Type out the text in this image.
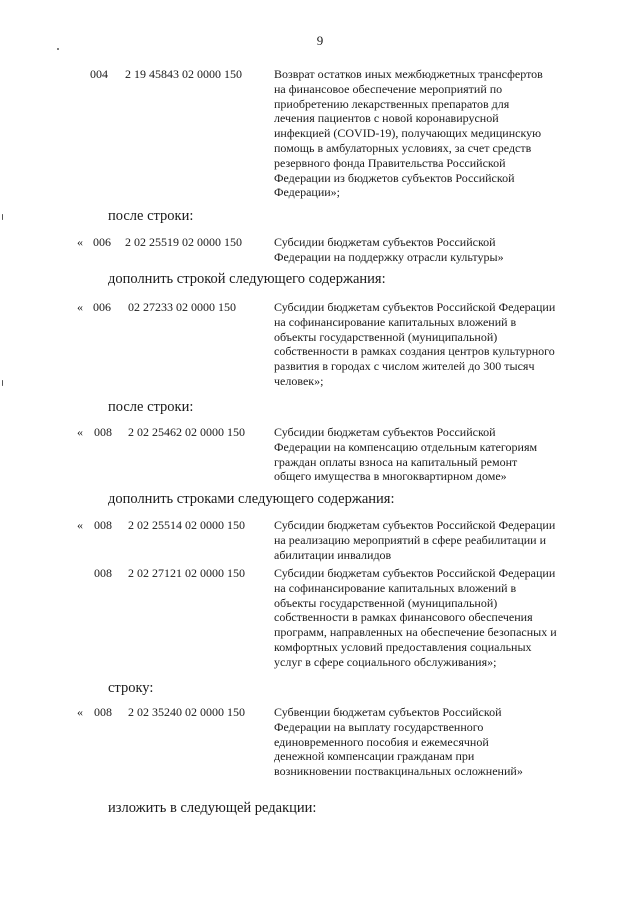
9
004 2 19 45843 02 0000 150	Возврат остатков иных межбюджетных трансфертов
на финансовое обеспечение мероприятий по
приобретению лекарственных препаратов для
лечения пациентов с новой коронавирусной
инфекцией (COVID-19), получающих медицинскую
помощь в амбулаторных условиях, за счет средств
резервного фонда Правительства Российской
Федерации из бюджетов субъектов Российской
Федерации»;
после строки:
« 006 2 02 25519 02 0000 150	Субсидии бюджетам субъектов Российской
Федерации на поддержку отрасли культуры»
дополнить строкой следующего содержания:
« 006 02 27233 02 0000 150	Субсидии бюджетам субъектов Российской Федерации
на софинансирование капитальных вложений в
объекты государственной (муниципальной)
собственности в рамках создания центров культурного
развития в городах с числом жителей до 300 тысяч
человек»;
после строки:
« 008 2 02 25462 02 0000 150 Субсидии бюджетам субъектов Российской
Федерации на компенсацию отдельным категориям
граждан оплаты взноса на капитальный ремонт
общего имущества в многоквартирном доме»
дополнить строками следующего содержания:
« 008 2 02 25514 02 0000 150 Субсидии бюджетам субъектов Российской Федерации
на реализацию мероприятий в сфере реабилитации и
абилитации инвалидов
008 2 02 27121 02 0000 150 Субсидии бюджетам субъектов Российской Федерации
на софинансирование капитальных вложений в
объекты государственной (муниципальной)
собственности в рамках финансового обеспечения
программ, направленных на обеспечение безопасных и
комфортных условий предоставления социальных
услуг в сфере социального обслуживания»;
строку:
« 008 2 02 35240 02 0000 150 Субвенции бюджетам субъектов Российской
Федерации на выплату государственного
единовременного пособия и ежемесячной
денежной компенсации гражданам при
возникновении поствакцинальных осложнений»
изложить в следующей редакции:
